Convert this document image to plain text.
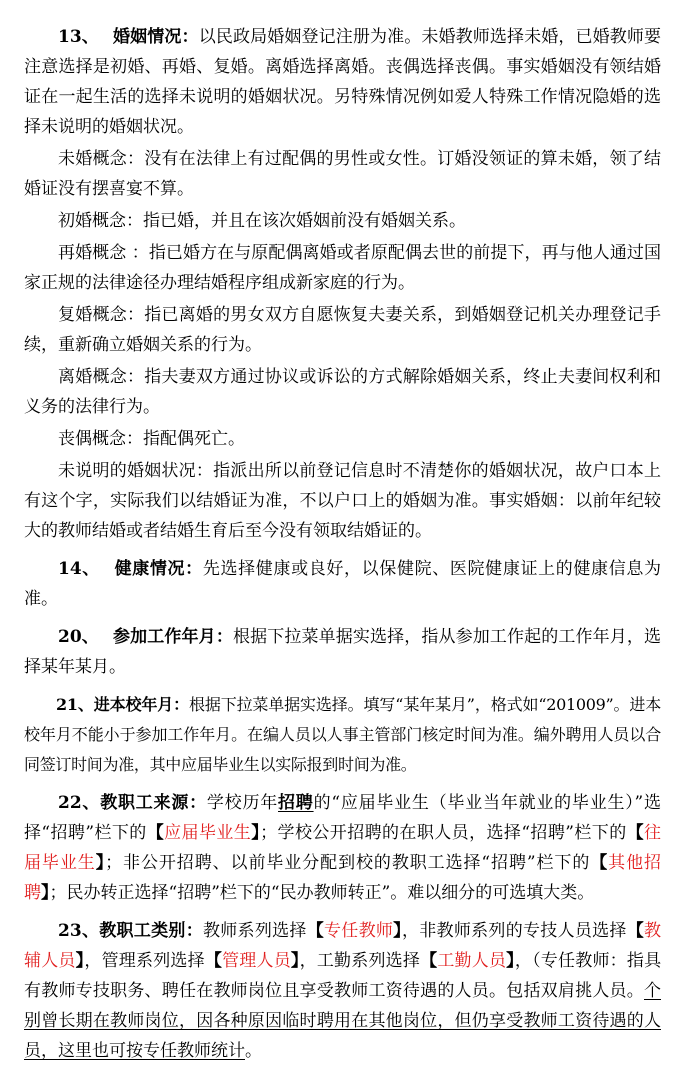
13、 婚姻情况：以民政局婚姻登记注册为准。未婚教师选择未婚，已婚教师要注意选择是初婚、再婚、复婚。离婚选择离婚。丧偶选择丧偶。事实婚姻没有领结婚证在一起生活的选择未说明的婚姻状况。另特殊情况例如爱人特殊工作情况隐婚的选择未说明的婚姻状况。

未婚概念：没有在法律上有过配偶的男性或女性。订婚没领证的算未婚，领了结婚证没有摆喜宴不算。

初婚概念：指已婚，并且在该次婚姻前没有婚姻关系。

再婚概念 ：指已婚方在与原配偶离婚或者原配偶去世的前提下，再与他人通过国家正规的法律途径办理结婚程序组成新家庭的行为。

复婚概念：指已离婚的男女双方自愿恢复夫妻关系，到婚姻登记机关办理登记手续，重新确立婚姻关系的行为。

离婚概念：指夫妻双方通过协议或诉讼的方式解除婚姻关系，终止夫妻间权利和义务的法律行为。

丧偶概念：指配偶死亡。

未说明的婚姻状况：指派出所以前登记信息时不清楚你的婚姻状况，故户口本上有这个字，实际我们以结婚证为准，不以户口上的婚姻为准。事实婚姻：以前年纪较大的教师结婚或者结婚生育后至今没有领取结婚证的。

14、 健康情况：先选择健康或良好，以保健院、医院健康证上的健康信息为准。

20、 参加工作年月：根据下拉菜单据实选择，指从参加工作起的工作年月，选择某年某月。

21、进本校年月：根据下拉菜单据实选择。填写“某年某月”，格式如“201009”。进本校年月不能小于参加工作年月。在编人员以人事主管部门核定时间为准。编外聘用人员以合同签订时间为准，其中应届毕业生以实际报到时间为准。

22、教职工来源：学校历年招聘的“应届毕业生（毕业当年就业的毕业生）”选择“招聘”栏下的【应届毕业生】；学校公开招聘的在职人员，选择“招聘”栏下的【往届毕业生】；非公开招聘、以前毕业分配到校的教职工选择“招聘”栏下的【其他招聘】；民办转正选择“招聘”栏下的“民办教师转正”。难以细分的可选填大类。

23、教职工类别：教师系列选择【专任教师】，非教师系列的专技人员选择【教辅人员】，管理系列选择【管理人员】，工勤系列选择【工勤人员】，（专任教师：指具有教师专技职务、聘任在教师岗位且享受教师工资待遇的人员。包括双肩挑人员。个别曾长期在教师岗位，因各种原因临时聘用在其他岗位，但仍享受教师工资待遇的人员，这里也可按专任教师统计。
